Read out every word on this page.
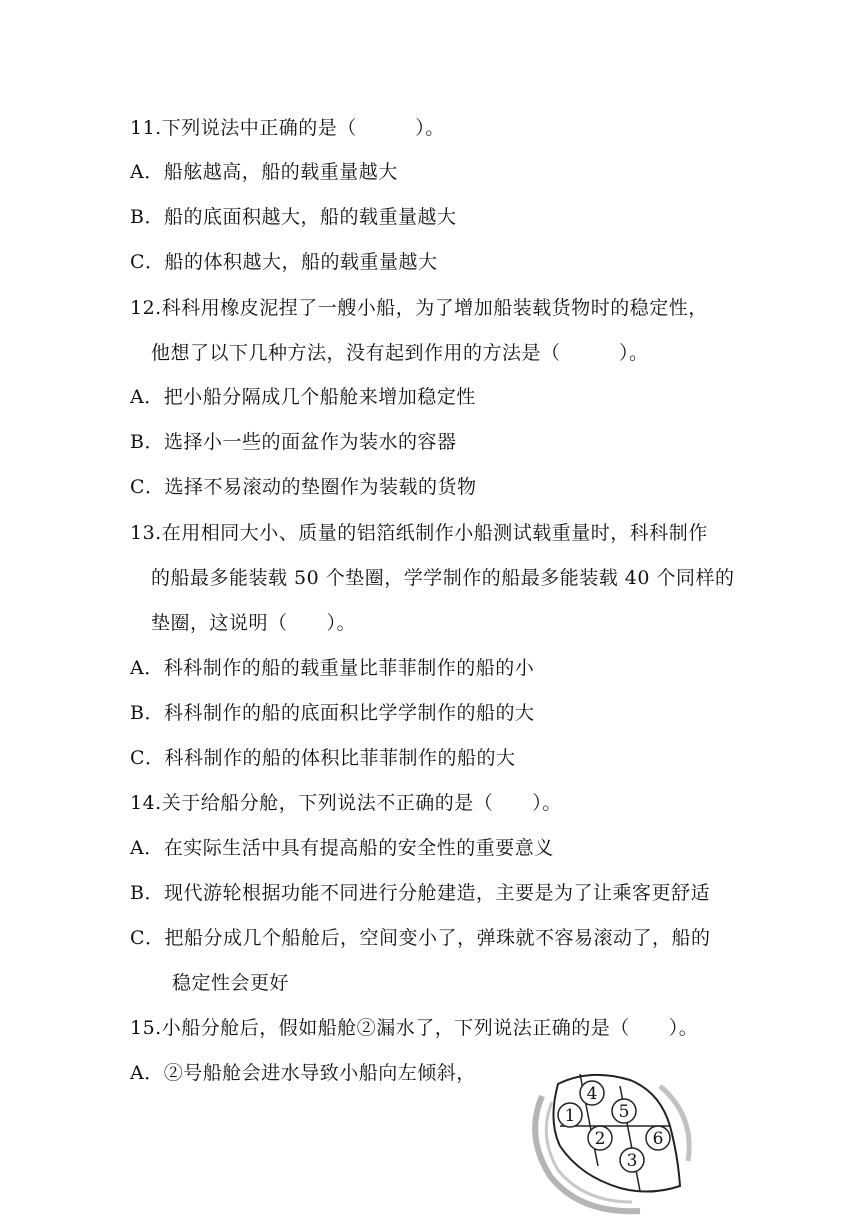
11.下列说法中正确的是（　　　）。
A．船舷越高，船的载重量越大
B．船的底面积越大，船的载重量越大
C．船的体积越大，船的载重量越大
12.科科用橡皮泥捏了一艘小船，为了增加船装载货物时的稳定性，
他想了以下几种方法，没有起到作用的方法是（　　　）。
A．把小船分隔成几个船舱来增加稳定性
B．选择小一些的面盆作为装水的容器
C．选择不易滚动的垫圈作为装载的货物
13.在用相同大小、质量的铝箔纸制作小船测试载重量时，科科制作
的船最多能装载 50 个垫圈，学学制作的船最多能装载 40 个同样的
垫圈，这说明（　　）。
A．科科制作的船的载重量比菲菲制作的船的小
B．科科制作的船的底面积比学学制作的船的大
C．科科制作的船的体积比菲菲制作的船的大
14.关于给船分舱，下列说法不正确的是（　　）。
A．在实际生活中具有提高船的安全性的重要意义
B．现代游轮根据功能不同进行分舱建造，主要是为了让乘客更舒适
C．把船分成几个船舱后，空间变小了，弹珠就不容易滚动了，船的
稳定性会更好
15.小船分舱后，假如船舱②漏水了，下列说法正确的是（　　）。
A．②号船舱会进水导致小船向左倾斜，
1
4
5
2	6
3
